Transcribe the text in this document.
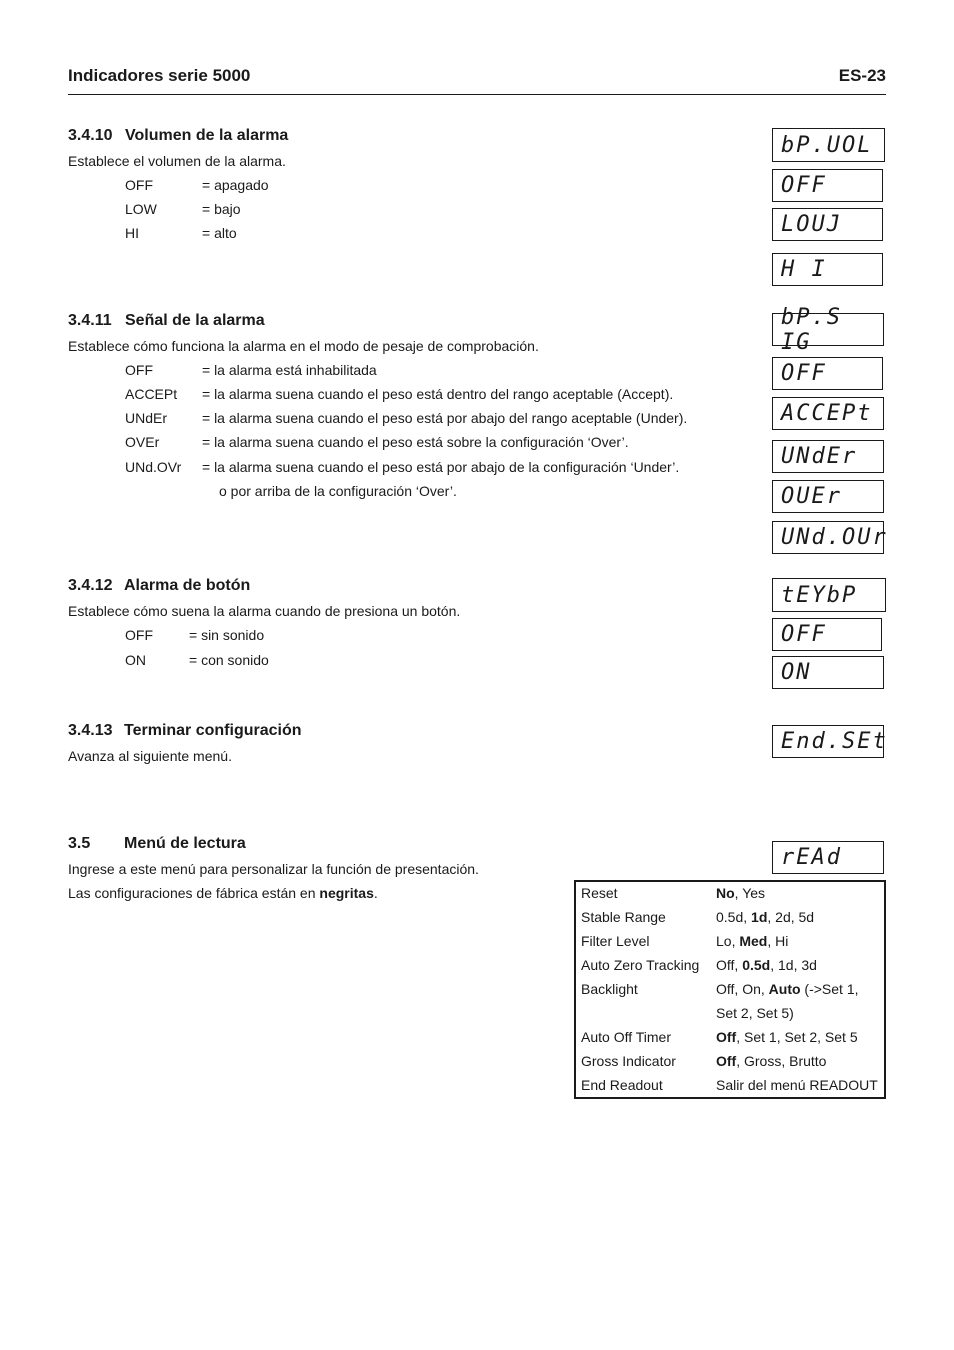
Indicadores serie 5000	ES-23
3.4.10 Volumen de la alarma
Establece el volumen de la alarma.
OFF	= apagado
LOW	= bajo
HI	= alto
bP.UOL
OFF
LOUJ
H I
3.4.11 Señal de la alarma
Establece cómo funciona la alarma en el modo de pesaje de comprobación.
OFF	= la alarma está inhabilitada
ACCEPt = la alarma suena cuando el peso está dentro del rango aceptable (Accept).
UNdEr = la alarma suena cuando el peso está por abajo del rango aceptable (Under).
OVEr	= la alarma suena cuando el peso está sobre la configuración ‘Over’.
UNd.OVr = la alarma suena cuando el peso está por abajo de la configuración ‘Under’.
o por arriba de la configuración ‘Over’.
bP.S IG
OFF
ACCEPt
UNdEr
OUEr
UNd.OUr
3.4.12 Alarma de botón
Establece cómo suena la alarma cuando de presiona un botón.
OFF	= sin sonido
ON	= con sonido
tEYbP
OFF
ON
3.4.13 Terminar configuración
Avanza al siguiente menú.
End.SEt
3.5 Menú de lectura
Ingrese a este menú para personalizar la función de presentación.
Las configuraciones de fábrica están en negritas.
rEAd
Reset	No, Yes
Stable Range	0.5d, 1d, 2d, 5d
Filter Level	Lo, Med, Hi
Auto Zero Tracking Off, 0.5d, 1d, 3d
Backlight	Off, On, Auto (->Set 1,
Set 2, Set 5)
Auto Off Timer	Off, Set 1, Set 2, Set 5
Gross Indicator	Off, Gross, Brutto
End Readout	Salir del menú READOUT
